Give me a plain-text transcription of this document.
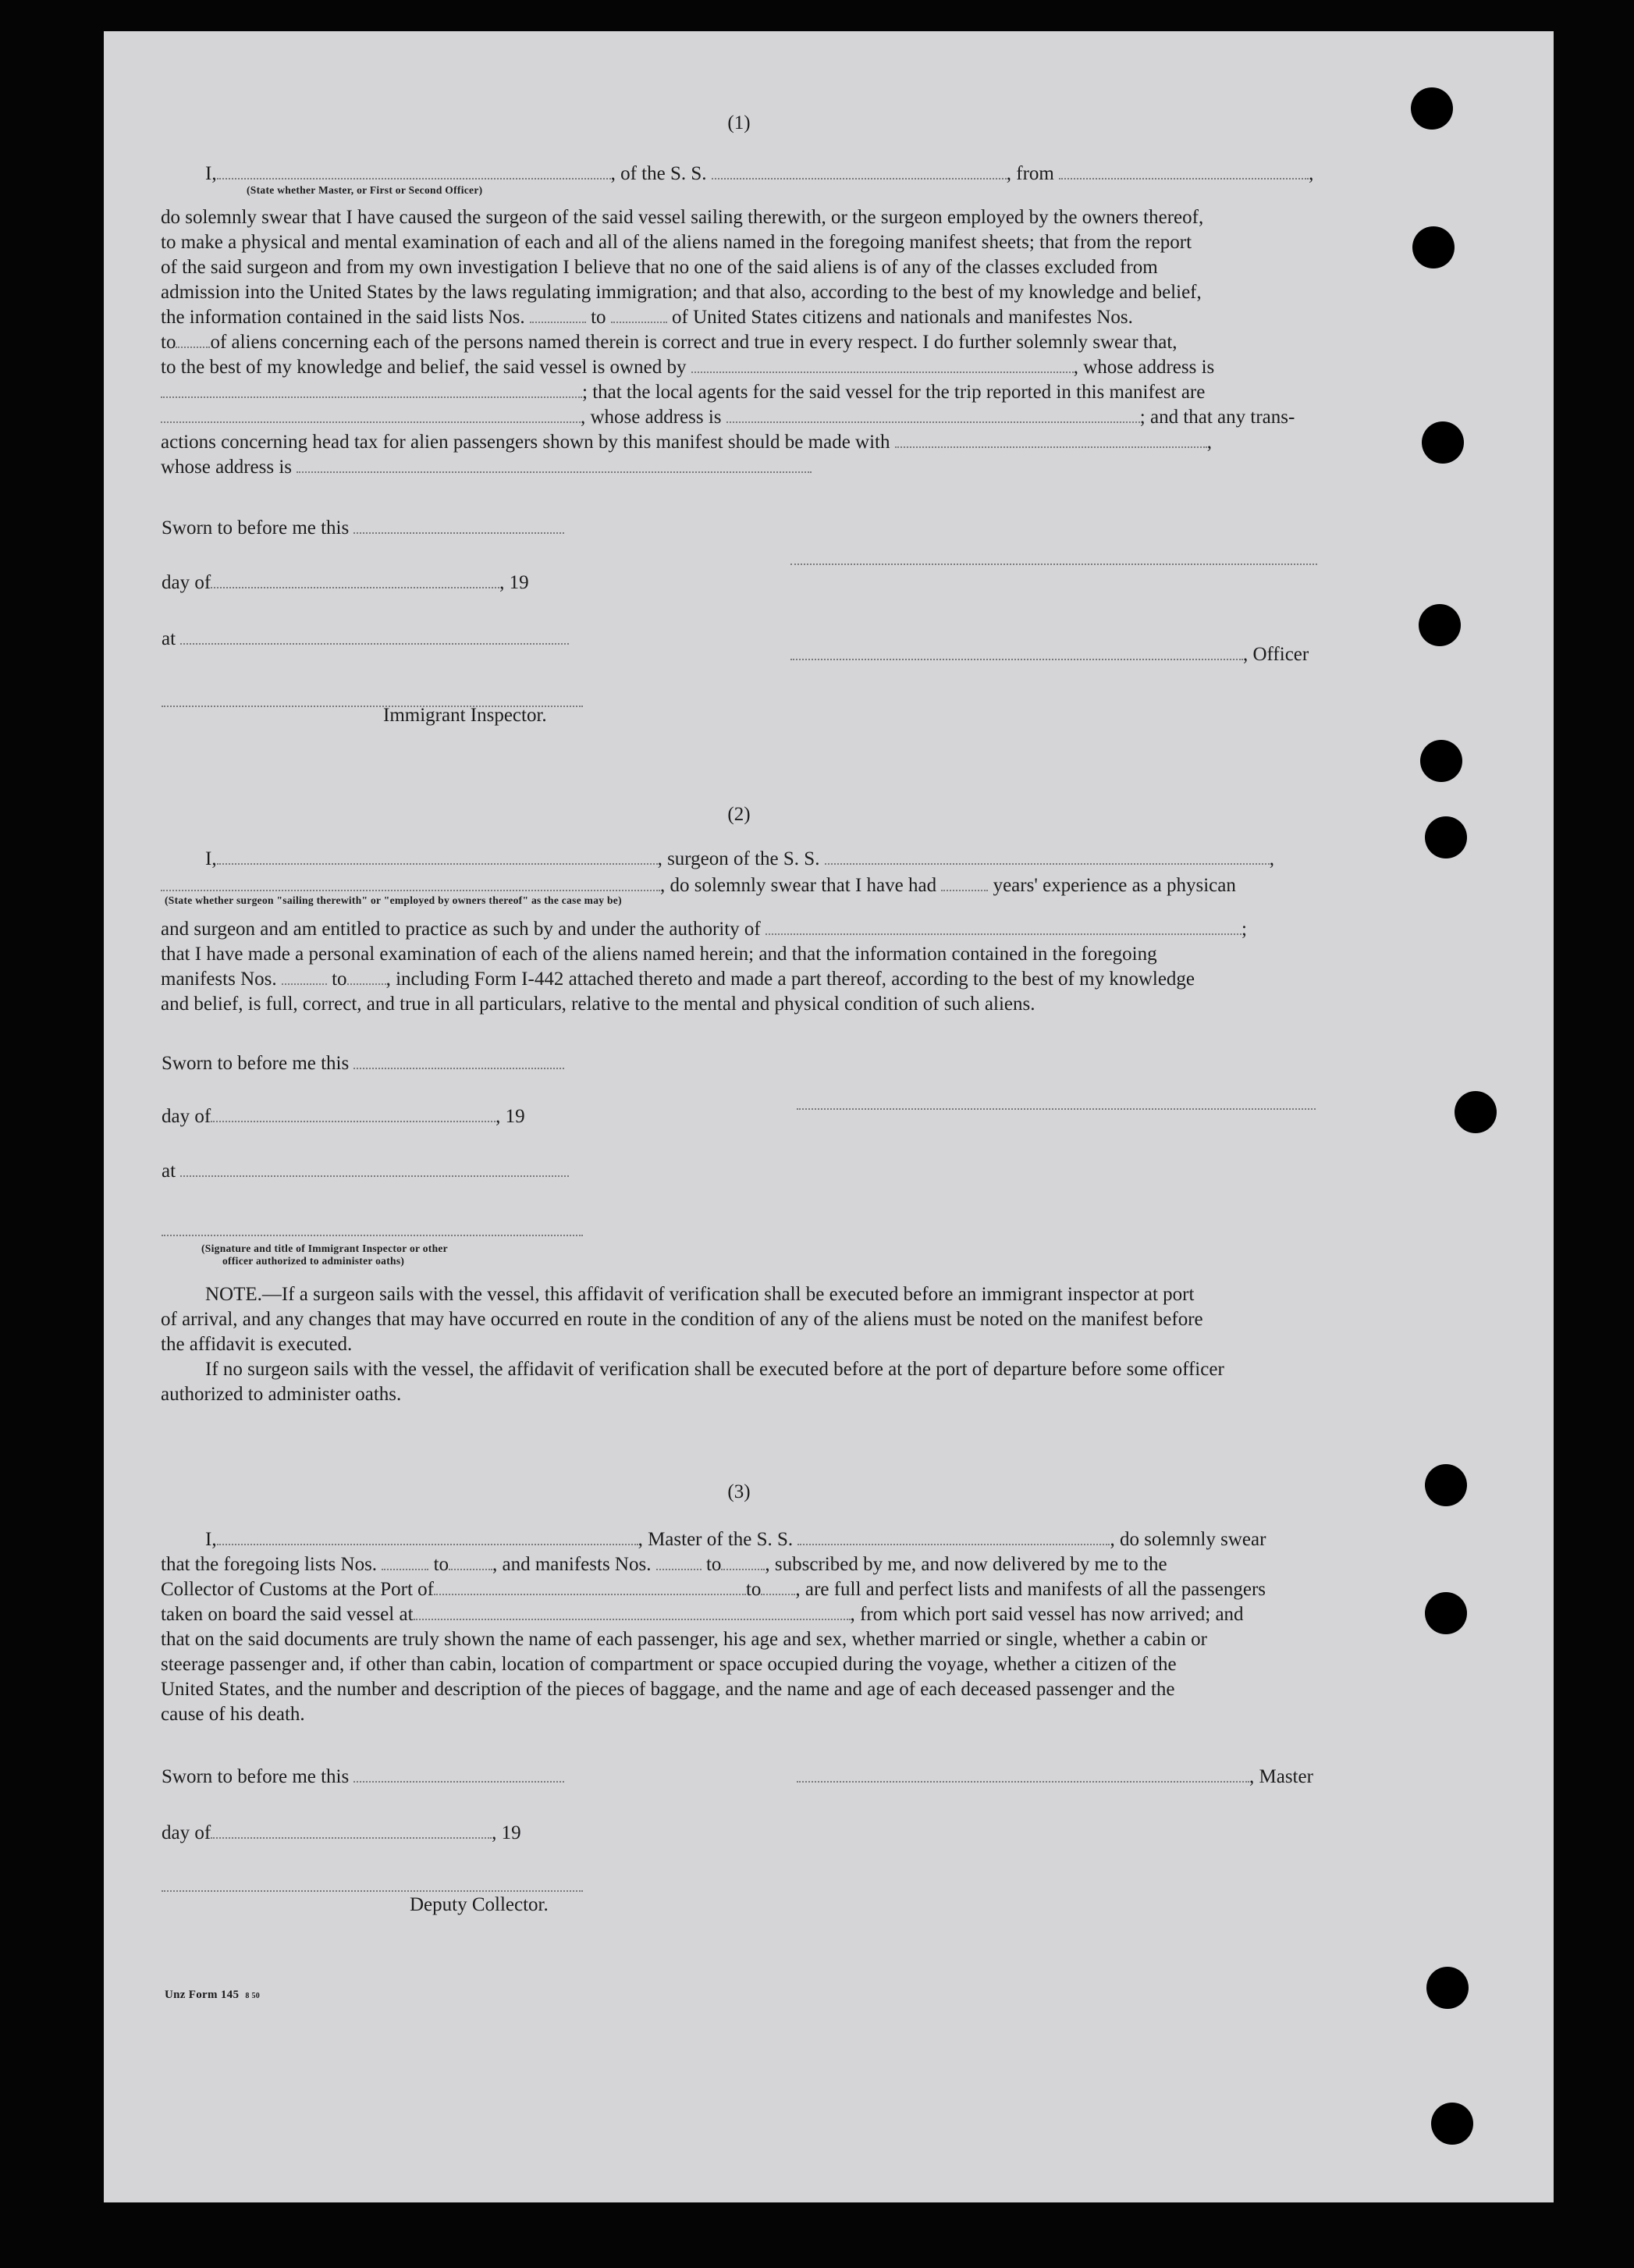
(1)
I,	, of the S. S.	, from	,
(State whether Master, or First or Second Officer)
do solemnly swear that I have caused the surgeon of the said vessel sailing therewith, or the surgeon employed by the owners thereof,
to make a physical and mental examination of each and all of the aliens named in the foregoing manifest sheets; that from the report
of the said surgeon and from my own investigation I believe that no one of the said aliens is of any of the classes excluded from
admission into the United States by the laws regulating immigration; and that also, according to the best of my knowledge and belief,
the information contained in the said lists Nos.	to	of United States citizens and nationals and manifestes Nos.
to of aliens concerning each of the persons named therein is correct and true in every respect. I do further solemnly swear that,
to the best of my knowledge and belief, the said vessel is owned by	, whose address is
; that the local agents for the said vessel for the trip reported in this manifest are
, whose address is	; and that any trans-
actions concerning head tax for alien passengers shown by this manifest should be made with	,
whose address is
Sworn to before me this
day of	, 19
at
, Officer
Immigrant Inspector.
(2)
I,	, surgeon of the S. S.	,
, do solemnly swear that I have had	years' experience as a physican
(State whether surgeon "sailing therewith" or "employed by owners thereof" as the case may be)
and surgeon and am entitled to practice as such by and under the authority of	;
that I have made a personal examination of each of the aliens named herein; and that the information contained in the foregoing
manifests Nos.	to , including Form I-442 attached thereto and made a part thereof, according to the best of my knowledge
and belief, is full, correct, and true in all particulars, relative to the mental and physical condition of such aliens.
Sworn to before me this
day of	, 19
at
(Signature and title of Immigrant Inspector or other
officer authorized to administer oaths)
NOTE.—If a surgeon sails with the vessel, this affidavit of verification shall be executed before an immigrant inspector at port
of arrival, and any changes that may have occurred en route in the condition of any of the aliens must be noted on the manifest before
the affidavit is executed.
If no surgeon sails with the vessel, the affidavit of verification shall be executed before at the port of departure before some officer
authorized to administer oaths.
(3)
I,	, Master of the S. S.	, do solemnly swear
that the foregoing lists Nos.	to , and manifests Nos.	to , subscribed by me, and now delivered by me to the
Collector of Customs at the Port of	to , are full and perfect lists and manifests of all the passengers
taken on board the said vessel at	, from which port said vessel has now arrived; and
that on the said documents are truly shown the name of each passenger, his age and sex, whether married or single, whether a cabin or
steerage passenger and, if other than cabin, location of compartment or space occupied during the voyage, whether a citizen of the
United States, and the number and description of the pieces of baggage, and the name and age of each deceased passenger and the
cause of his death.
Sworn to before me this	, Master
day of	, 19
Deputy Collector.
Unz Form 145 8 50
